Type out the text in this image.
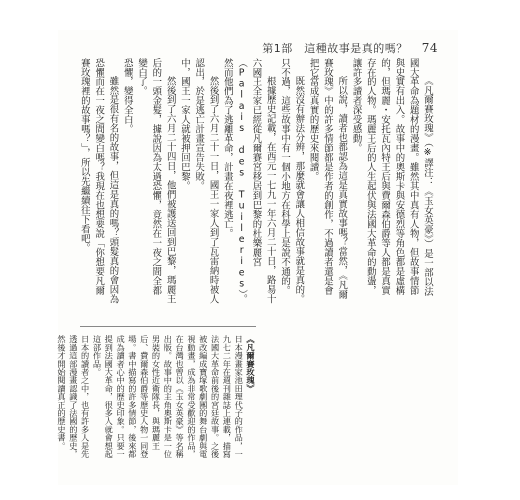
第1部　這種故事是真的嗎？ 74

《凡爾賽玫瑰》（※譯注：《玉女英豪》）是一部以法國大革命為題材的漫畫。雖然其中真有人物，但故事情節與史實有出入。故事中的奧斯卡與安德烈等角色都是虛構的，但瑪麗・安托瓦內特王后與費爾森伯爵等人都是真實存在的人物。瑪麗王后的人生起伏與法國大革命的動盪，讓許多讀者深受感動。

所以說，讀者也都認為這是真實故事嗎？當然，《凡爾賽玫瑰》中的許多情節都是作者的創作，不過讀者還是會把它當成真實的歷史來閱讀。

既然沒有辦法分辨，那麼就會讓人相信故事就是真的。只不過，這些故事中有一個小地方在科學上是說不通的。

根據歷史記載，在西元一七九一年六月二十日，路易十六國王全家已經從凡爾賽宮移居到巴黎的杜樂麗宮（Palais des Tuileries）。然而他們為了逃離革命，計畫在夜裡逃亡。

然後到了六月二十一日，國王一家人到了瓦雷納時被人認出，於是逃亡計畫宣告失敗。

中，國王一家人就被押回巴黎。

然後到了六月二十四日，他們被護送回到巴黎，瑪麗王后的一頭金髮，據說因為太過恐懼，竟然在一夜之間全都變白了。

恐懼，變得全白。

雖然是很有名的故事，但這是真的嗎？頭髮真的會因為恐懼而在一夜之間變白嗎？我現在也想要說「你想要凡爾賽玫瑰裡的故事嗎？」，所以先繼續往下看吧。

《凡爾賽玫瑰》

日本漫畫家池田理代子的作品，一九七二年在週刊雜誌上連載，描寫法國大革命前後的宮廷故事。之後被改編成寶塚歌劇團的舞台劇與電視動畫，成為非常受歡迎的作品，在台灣也曾以《玉女英豪》等名稱出版。故事中的主角奧斯卡是一位男裝的女性近衛隊長，與瑪麗王后、費爾森伯爵等歷史人物一同登場。書中描寫的許多情節，後來都成為讀者心中的歷史印象。只要一提到法國大革命，很多人就會想起這部作品。

日本的讀者之中，也有許多人是先透過這部漫畫認識了法國的歷史，然後才開始閱讀真正的歷史書。
